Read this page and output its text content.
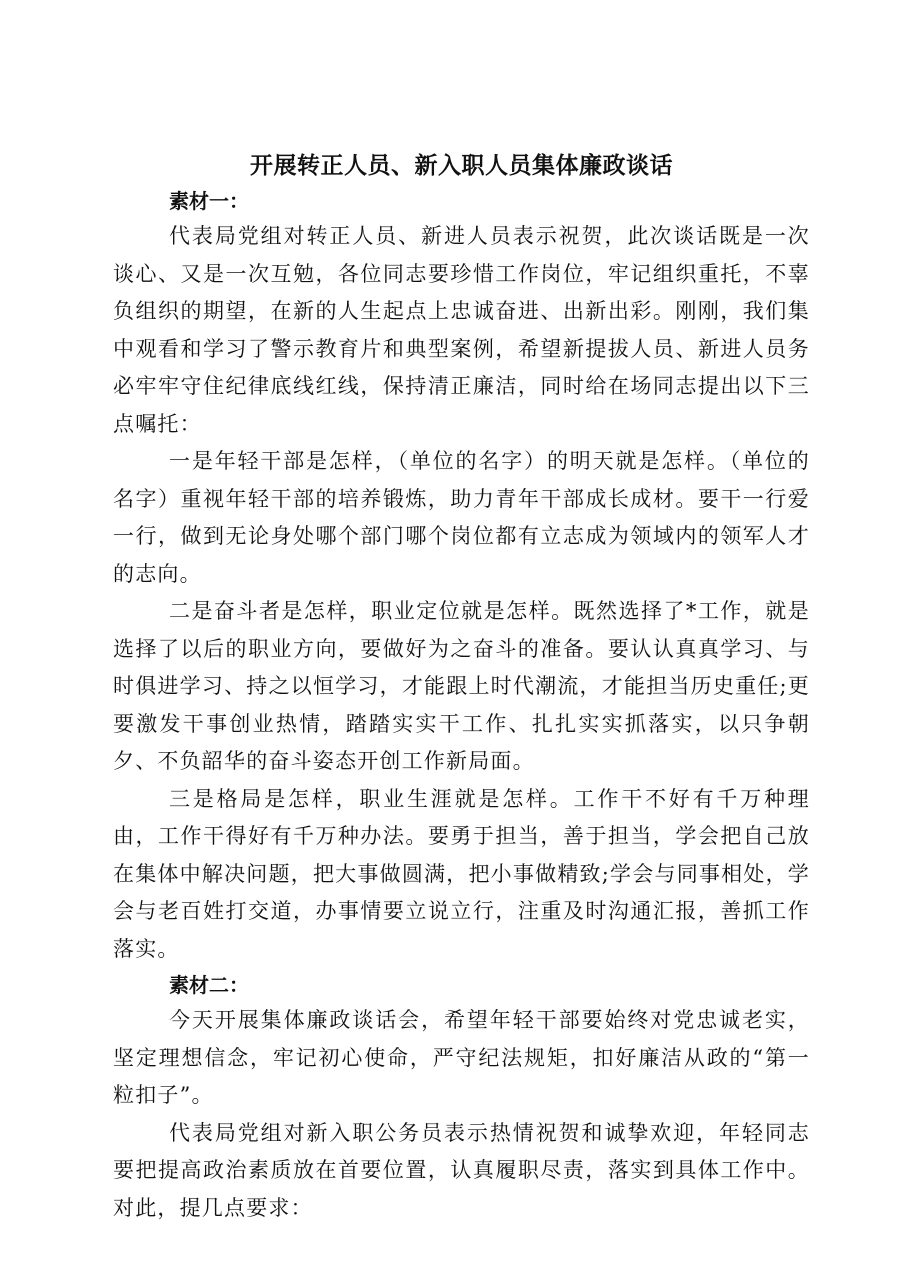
开展转正人员、新入职人员集体廉政谈话

素材一：

代表局党组对转正人员、新进人员表示祝贺，此次谈话既是一次谈心、又是一次互勉，各位同志要珍惜工作岗位，牢记组织重托，不辜负组织的期望，在新的人生起点上忠诚奋进、出新出彩。刚刚，我们集中观看和学习了警示教育片和典型案例，希望新提拔人员、新进人员务必牢牢守住纪律底线红线，保持清正廉洁，同时给在场同志提出以下三点嘱托：

一是年轻干部是怎样，（单位的名字）的明天就是怎样。（单位的名字）重视年轻干部的培养锻炼，助力青年干部成长成材。要干一行爱一行，做到无论身处哪个部门哪个岗位都有立志成为领域内的领军人才的志向。

二是奋斗者是怎样，职业定位就是怎样。既然选择了*工作，就是选择了以后的职业方向，要做好为之奋斗的准备。要认认真真学习、与时俱进学习、持之以恒学习，才能跟上时代潮流，才能担当历史重任;更要激发干事创业热情，踏踏实实干工作、扎扎实实抓落实，以只争朝夕、不负韶华的奋斗姿态开创工作新局面。

三是格局是怎样，职业生涯就是怎样。工作干不好有千万种理由，工作干得好有千万种办法。要勇于担当，善于担当，学会把自己放在集体中解决问题，把大事做圆满，把小事做精致;学会与同事相处，学会与老百姓打交道，办事情要立说立行，注重及时沟通汇报，善抓工作落实。

素材二：

今天开展集体廉政谈话会，希望年轻干部要始终对党忠诚老实，坚定理想信念，牢记初心使命，严守纪法规矩，扣好廉洁从政的“第一粒扣子”。

代表局党组对新入职公务员表示热情祝贺和诚挚欢迎，年轻同志要把提高政治素质放在首要位置，认真履职尽责，落实到具体工作中。对此，提几点要求：
